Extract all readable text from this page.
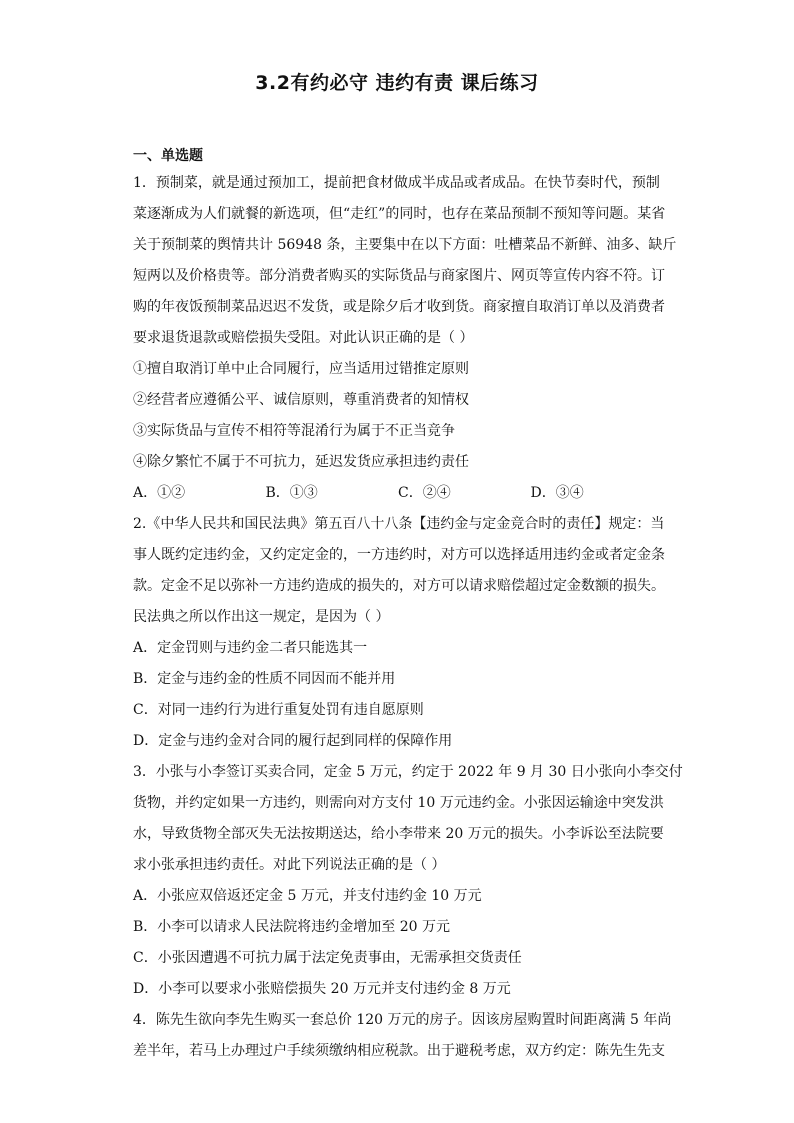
3.2有约必守 违约有责 课后练习
一、单选题
1．预制菜，就是通过预加工，提前把食材做成半成品或者成品。在快节奏时代，预制
菜逐渐成为人们就餐的新选项，但“走红”的同时，也存在菜品预制不预知等问题。某省
关于预制菜的舆情共计 56948 条，主要集中在以下方面：吐槽菜品不新鲜、油多、缺斤
短两以及价格贵等。部分消费者购买的实际货品与商家图片、网页等宣传内容不符。订
购的年夜饭预制菜品迟迟不发货，或是除夕后才收到货。商家擅自取消订单以及消费者
要求退货退款或赔偿损失受阻。对此认识正确的是（ ）
①擅自取消订单中止合同履行，应当适用过错推定原则
②经营者应遵循公平、诚信原则，尊重消费者的知情权
③实际货品与宣传不相符等混淆行为属于不正当竞争
④除夕繁忙不属于不可抗力，延迟发货应承担违约责任
A．①②	B．①③	C．②④	D．③④
2.《中华人民共和国民法典》第五百八十八条【违约金与定金竞合时的责任】规定：当
事人既约定违约金，又约定定金的，一方违约时，对方可以选择适用违约金或者定金条
款。定金不足以弥补一方违约造成的损失的，对方可以请求赔偿超过定金数额的损失。
民法典之所以作出这一规定，是因为（ ）
A．定金罚则与违约金二者只能选其一
B．定金与违约金的性质不同因而不能并用
C．对同一违约行为进行重复处罚有违自愿原则
D．定金与违约金对合同的履行起到同样的保障作用
3．小张与小李签订买卖合同，定金 5 万元，约定于 2022 年 9 月 30 日小张向小李交付
货物，并约定如果一方违约，则需向对方支付 10 万元违约金。小张因运输途中突发洪
水，导致货物全部灭失无法按期送达，给小李带来 20 万元的损失。小李诉讼至法院要
求小张承担违约责任。对此下列说法正确的是（ ）
A．小张应双倍返还定金 5 万元，并支付违约金 10 万元
B．小李可以请求人民法院将违约金增加至 20 万元
C．小张因遭遇不可抗力属于法定免责事由，无需承担交货责任
D．小李可以要求小张赔偿损失 20 万元并支付违约金 8 万元
4．陈先生欲向李先生购买一套总价 120 万元的房子。因该房屋购置时间距离满 5 年尚
差半年，若马上办理过户手续须缴纳相应税款。出于避税考虑，双方约定：陈先生先支
